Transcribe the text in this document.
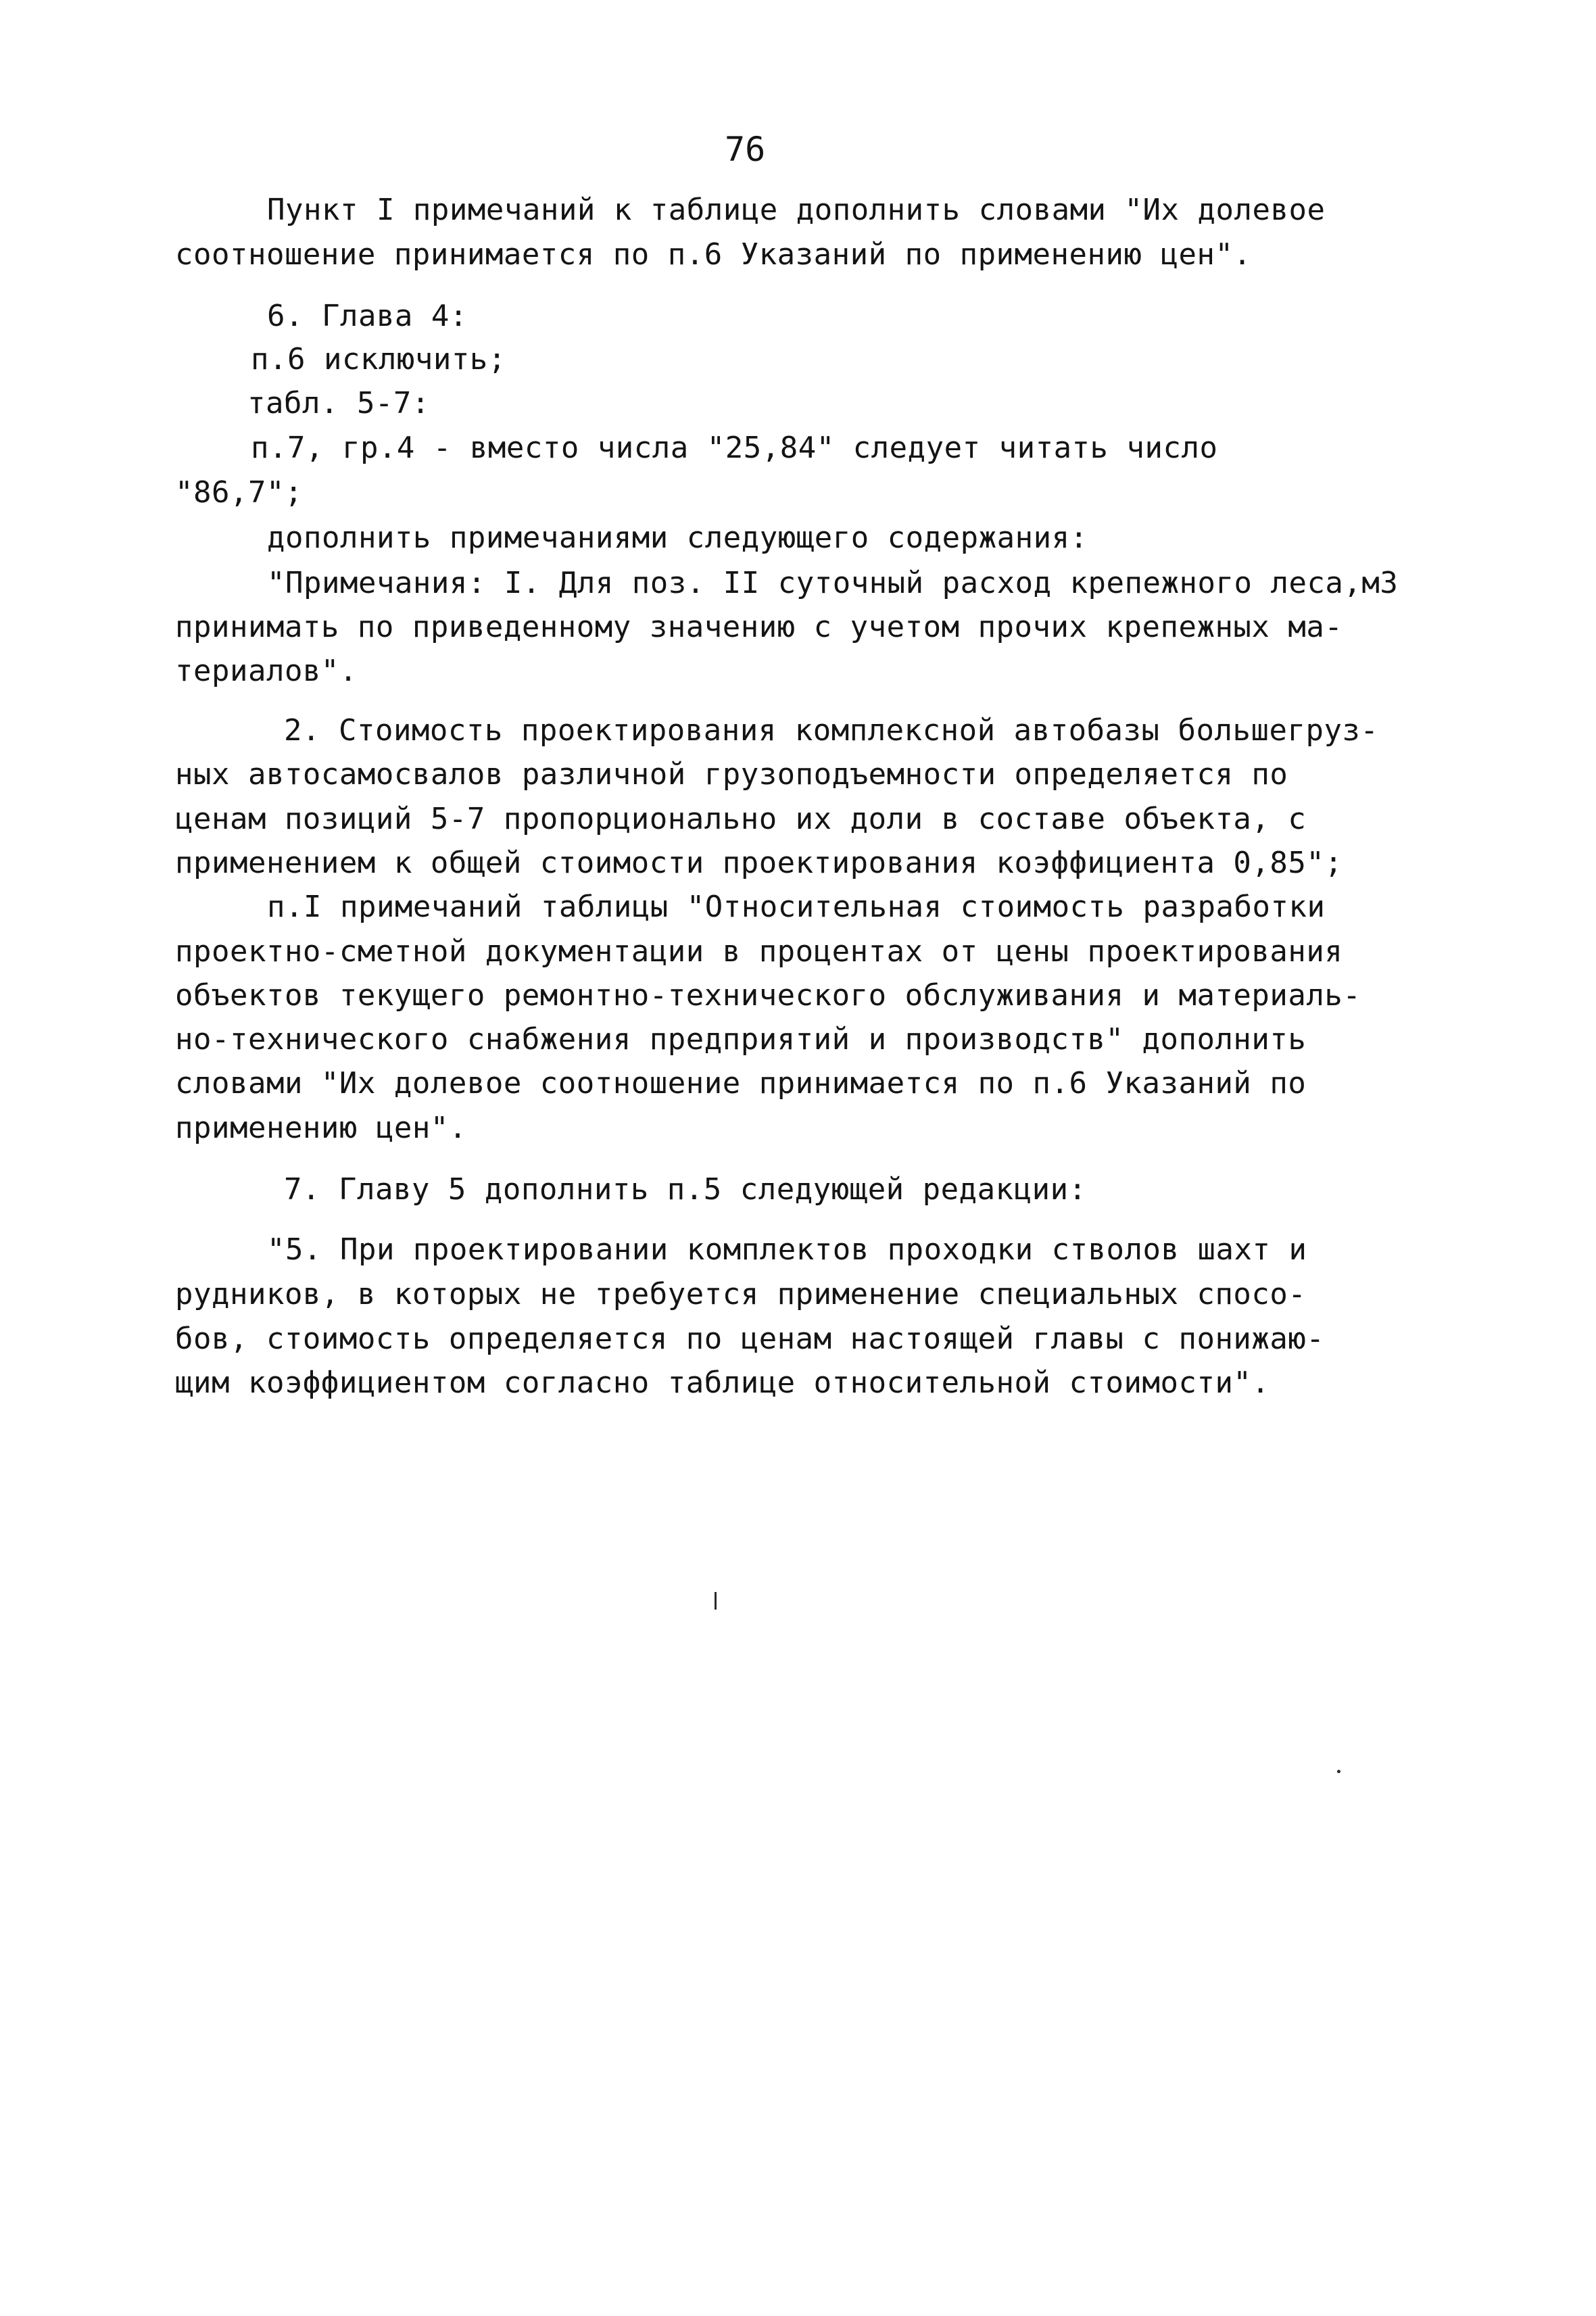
76
Пункт I примечаний к таблице дополнить словами "Их долевое
соотношение принимается по п.6 Указаний по применению цен".
6. Глава 4:
п.6 исключить;
табл. 5-7:
п.7, гр.4 - вместо числа "25,84" следует читать число
"86,7";
дополнить примечаниями следующего содержания:
"Примечания: I. Для поз. II суточный расход крепежного леса,м3
принимать по приведенному значению с учетом прочих крепежных ма-
териалов".
2. Стоимость проектирования комплексной автобазы большегруз-
ных автосамосвалов различной грузоподъемности определяется по
ценам позиций 5-7 пропорционально их доли в составе объекта, с
применением к общей стоимости проектирования коэффициента 0,85";
п.I примечаний таблицы "Относительная стоимость разработки
проектно-сметной документации в процентах от цены проектирования
объектов текущего ремонтно-технического обслуживания и материаль-
но-технического снабжения предприятий и производств" дополнить
словами "Их долевое соотношение принимается по п.6 Указаний по
применению цен".
7. Главу 5 дополнить п.5 следующей редакции:
"5. При проектировании комплектов проходки стволов шахт и
рудников, в которых не требуется применение специальных спосо-
бов, стоимость определяется по ценам настоящей главы с понижаю-
щим коэффициентом согласно таблице относительной стоимости".
